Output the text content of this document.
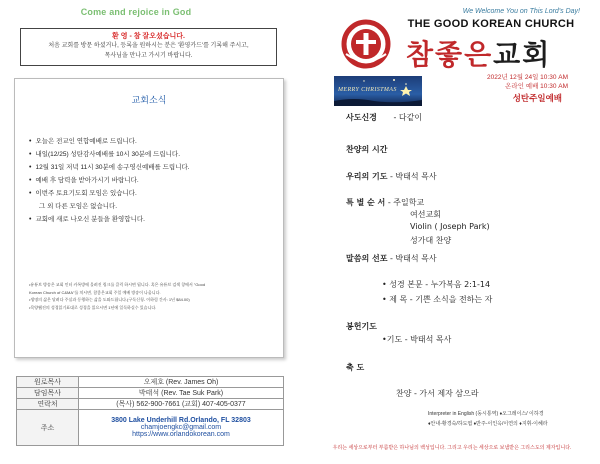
Come and rejoice in God
환 영 - 참 잘오셨습니다.
처음 교회를 방문 하셨거나, 등록을 원하시는 분은 '환영카드'를 기록해 주시고,
목사님을 만나고 가시기 바랍니다.
교회소식
• 오늘은 전교인 연합예배로 드립니다.
• 내일(12/25) 성탄감사예배를 10시 30분에 드립니다.
• 12월 31일 저녁 11시 30분에 송구영신예배를 드립니다.
• 예배 후 담력을 받아가시기 바랍니다.
• 이번주 토요기도회 모임은 있습니다.
그 외 다른 모임은 없습니다.
• 교회에 새로 나오신 분들을 환영합니다.
•유튜브 방송은 교회 인터 카톡방에 올려진 링크를 클릭 하시면 됩니다. 혹은 유튜브 검색 창에서 "Good
Korean Church of C&MA"를 치시면, 참좋은교회 주일 예배 방송이 나옵니다.
•생명의 삶은 달려다 주실과 동행하는 삶을 도와드립니다.(구독신청- 이하림 간사: 1년 $84.00)
•목양웹진의 성경읽기표대로 성경을 읽으시면 1년에 일독하실수 있습니다.
원로목사	오제호 (Rev. James Oh)
담임목사	박태석 (Rev. Tae Suk Park)
연락처	(목사) 562-900-7661 (교회) 407-405-0377
주소	3800 Lake Underhill Rd.Orlando, FL 32803
chamjoengkc@gmail.com
https://www.orlandokorean.com
We Welcome You on This Lord's Day!
THE GOOD KOREAN CHURCH
참좋은교회
MERRY CHRISTMAS
2022년 12월 24일 10:30 AM
온라인 예배 10:30 AM
성탄주일예배
사도신경 - 다같이
찬양의 시간
우리의 기도 - 박태석 목사
특 별 순 서 - 주일학교
여선교회
Violin ( Joseph Park)
성가대 찬양
말씀의 선포 - 박태석 목사
• 성경 본문 - 누가복음 2:1-14
• 제 목 - 기쁜 소식을 전하는 자
봉헌기도
•기도 - 박태석 목사
축 도
찬양 - 가서 제자 삼으라
Interpreter in English (동시통역) ♦오그레이스/ 이하경
♦안내-황경숙/하도엽 ♦반주-이인옥/이연의 ♦지휘-이혜라
우리는 세상으로부터 부름받은 하나님의 백성입니다. 그리고 우리는 세상으로 보냄받은 그리스도의 제자입니다.
